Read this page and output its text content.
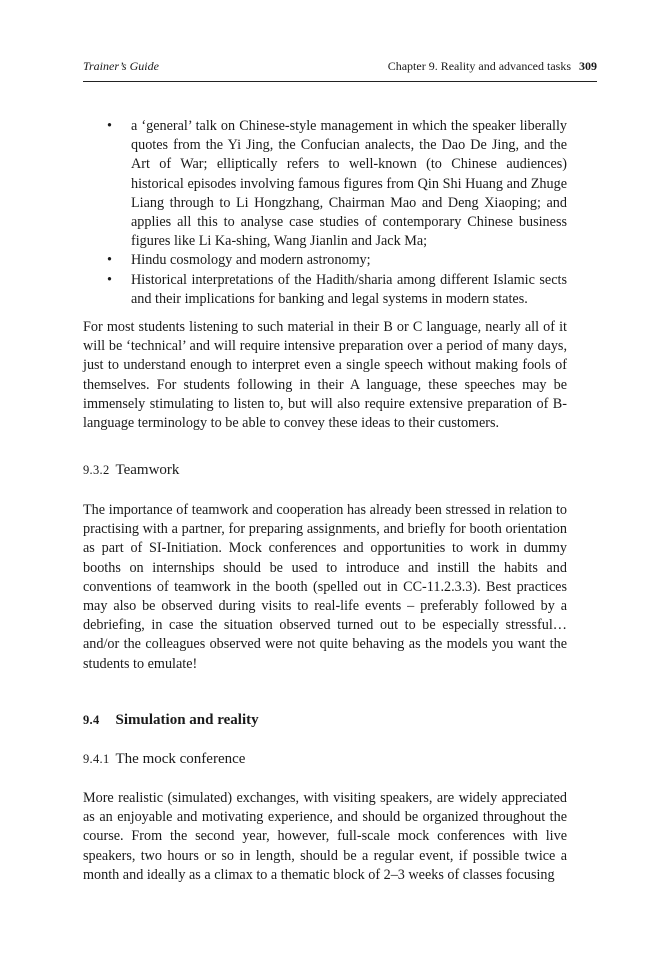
Trainer’s Guide	Chapter 9. Reality and advanced tasks 309
• a ‘general’ talk on Chinese-style management in which the speaker liberally quotes from the Yi Jing, the Confucian analects, the Dao De Jing, and the Art of War; elliptically refers to well-known (to Chinese audiences) historical episodes involving famous figures from Qin Shi Huang and Zhuge Liang through to Li Hongzhang, Chairman Mao and Deng Xiaoping; and applies all this to analyse case studies of contemporary Chinese business figures like Li Ka-shing, Wang Jianlin and Jack Ma;
• Hindu cosmology and modern astronomy;
• Historical interpretations of the Hadith/sharia among different Islamic sects and their implications for banking and legal systems in modern states.

For most students listening to such material in their B or C language, nearly all of it will be ‘technical’ and will require intensive preparation over a period of many days, just to understand enough to interpret even a single speech without making fools of themselves. For students following in their A language, these speeches may be immensely stimulating to listen to, but will also require extensive preparation of B-language terminology to be able to convey these ideas to their customers.

9.3.2 Teamwork

The importance of teamwork and cooperation has already been stressed in relation to practising with a partner, for preparing assignments, and briefly for booth orientation as part of SI-Initiation. Mock conferences and opportunities to work in dummy booths on internships should be used to introduce and instill the habits and conventions of teamwork in the booth (spelled out in CC-11.2.3.3). Best practices may also be observed during visits to real-life events – preferably followed by a debriefing, in case the situation observed turned out to be especially stressful… and/or the colleagues observed were not quite behaving as the models you want the students to emulate!

9.4 Simulation and reality
9.4.1 The mock conference

More realistic (simulated) exchanges, with visiting speakers, are widely appreciated as an enjoyable and motivating experience, and should be organized throughout the course. From the second year, however, full-scale mock conferences with live speakers, two hours or so in length, should be a regular event, if possible twice a month and ideally as a climax to a thematic block of 2–3 weeks of classes focusing
